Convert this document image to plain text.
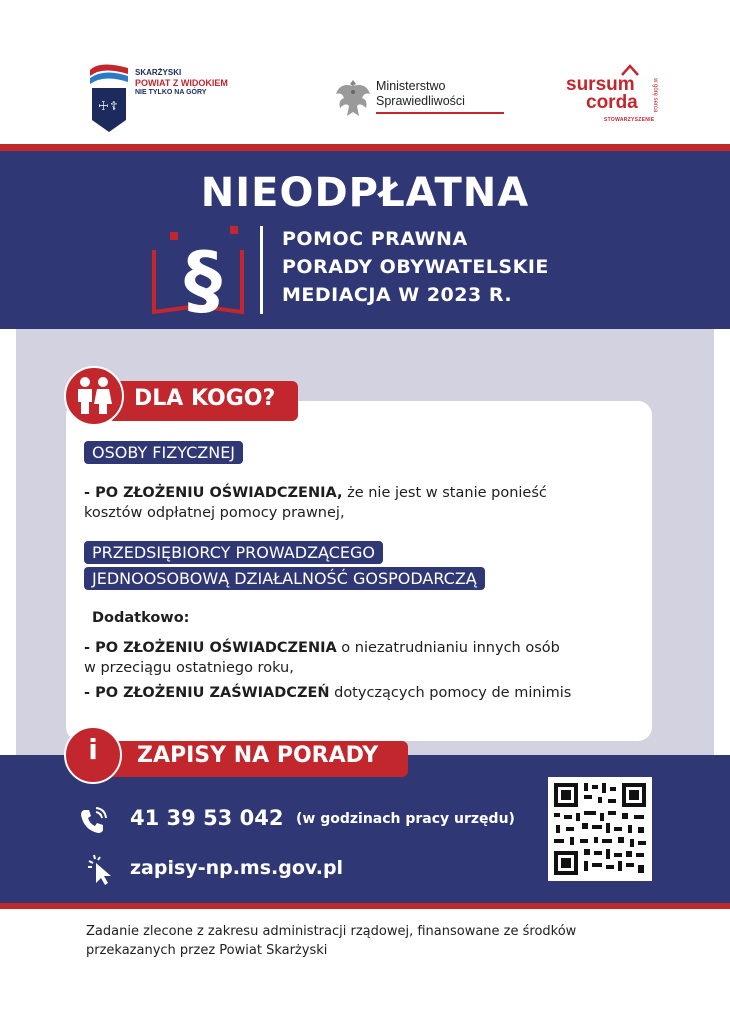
☩ ☦
SKARŻYSKI
POWIAT Z WIDOKIEM
NIE TYLKO NA GÓRY	Ministerstwo
Sprawiedliwości
sursum
corda
STOWARZYSZENIE
w górę serca
NIEODPŁATNA
§	POMOC PRAWNA
PORADY OBYWATELSKIE
MEDIACJA W 2023 R.
DLA KOGO?
OSOBY FIZYCZNEJ
- PO ZŁOŻENIU OŚWIADCZENIA, że nie jest w stanie ponieść
kosztów odpłatnej pomocy prawnej,
PRZEDSIĘBIORCY PROWADZĄCEGO
JEDNOOSOBOWĄ DZIAŁALNOŚĆ GOSPODARCZĄ
Dodatkowo:
- PO ZŁOŻENIU OŚWIADCZENIA o niezatrudnianiu innych osób
w przeciągu ostatniego roku,
- PO ZŁOŻENIU ZAŚWIADCZEŃ dotyczących pomocy de minimis
i	ZAPISY NA PORADY
41 39 53 042 (w godzinach pracy urzędu)
zapisy-np.ms.gov.pl
Zadanie zlecone z zakresu administracji rządowej, finansowane ze środków
przekazanych przez Powiat Skarżyski
